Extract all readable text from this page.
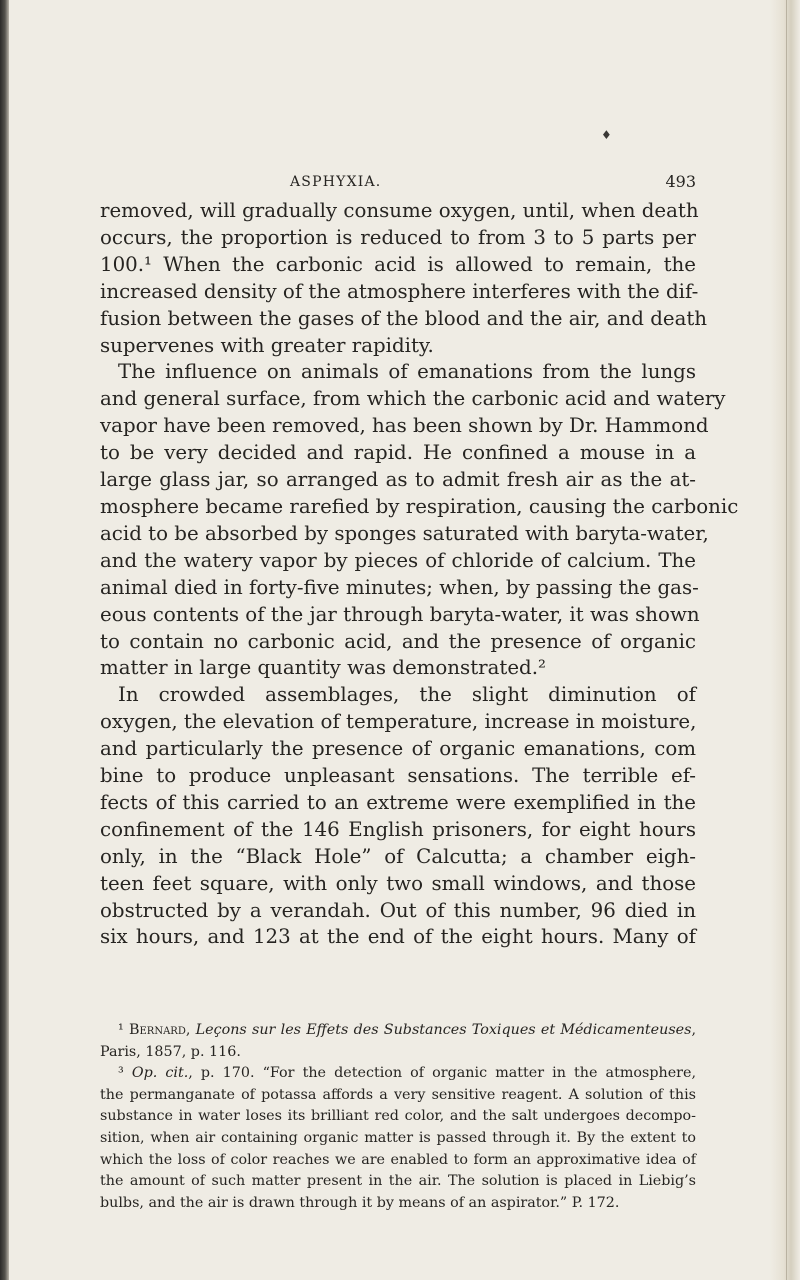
♦
ASPHYXIA.	493
removed, will gradually consume oxygen, until, when death
occurs, the proportion is reduced to from 3 to 5 parts per
100.¹ When the carbonic acid is allowed to remain, the
increased density of the atmosphere interferes with the dif-
fusion between the gases of the blood and the air, and death
supervenes with greater rapidity.
The influence on animals of emanations from the lungs
and general surface, from which the carbonic acid and watery
vapor have been removed, has been shown by Dr. Hammond
to be very decided and rapid. He confined a mouse in a
large glass jar, so arranged as to admit fresh air as the at-
mosphere became rarefied by respiration, causing the carbonic
acid to be absorbed by sponges saturated with baryta-water,
and the watery vapor by pieces of chloride of calcium. The
animal died in forty-five minutes; when, by passing the gas-
eous contents of the jar through baryta-water, it was shown
to contain no carbonic acid, and the presence of organic
matter in large quantity was demonstrated.²
In crowded assemblages, the slight diminution of
oxygen, the elevation of temperature, increase in moisture,
and particularly the presence of organic emanations, com
bine to produce unpleasant sensations. The terrible ef-
fects of this carried to an extreme were exemplified in the
confinement of the 146 English prisoners, for eight hours
only, in the “Black Hole” of Calcutta; a chamber eigh-
teen feet square, with only two small windows, and those
obstructed by a verandah. Out of this number, 96 died in
six hours, and 123 at the end of the eight hours. Many of
¹ Bernard, Leçons sur les Effets des Substances Toxiques et Médicamenteuses,
Paris, 1857, p. 116.
³ Op. cit., p. 170. “For the detection of organic matter in the atmosphere,
the permanganate of potassa affords a very sensitive reagent. A solution of this
substance in water loses its brilliant red color, and the salt undergoes decompo-
sition, when air containing organic matter is passed through it. By the extent to
which the loss of color reaches we are enabled to form an approximative idea of
the amount of such matter present in the air. The solution is placed in Liebig’s
bulbs, and the air is drawn through it by means of an aspirator.” P. 172.
